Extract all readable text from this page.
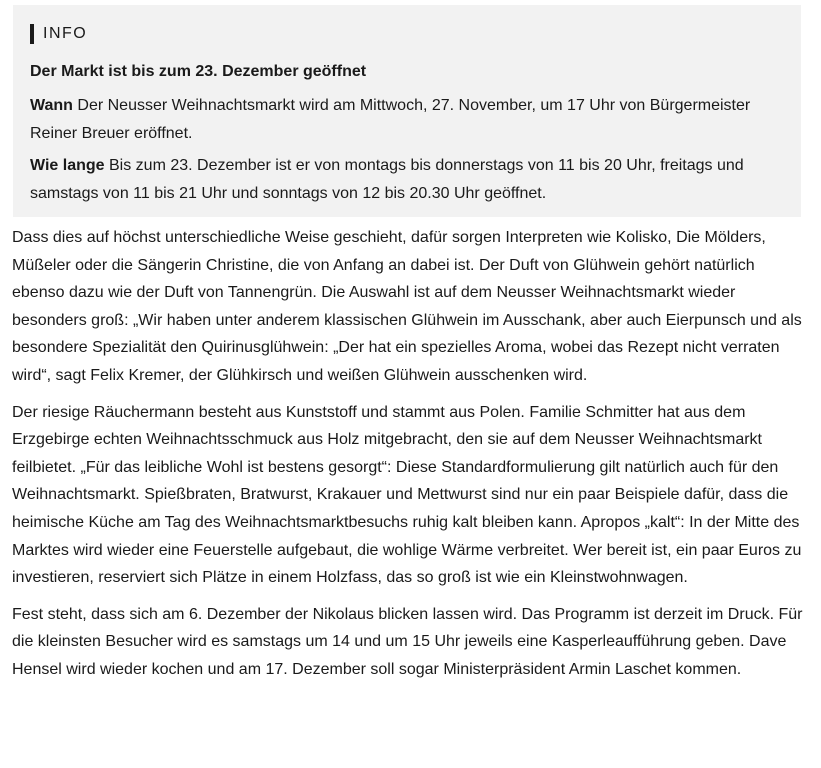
INFO

Der Markt ist bis zum 23. Dezember geöffnet

Wann Der Neusser Weihnachtsmarkt wird am Mittwoch, 27. November, um 17 Uhr von Bürgermeister Reiner Breuer eröffnet.

Wie lange Bis zum 23. Dezember ist er von montags bis donnerstags von 11 bis 20 Uhr, freitags und samstags von 11 bis 21 Uhr und sonntags von 12 bis 20.30 Uhr geöffnet.

Dass dies auf höchst unterschiedliche Weise geschieht, dafür sorgen Interpreten wie Kolisko, Die Mölders, Müßeler oder die Sängerin Christine, die von Anfang an dabei ist. Der Duft von Glühwein gehört natürlich ebenso dazu wie der Duft von Tannengrün. Die Auswahl ist auf dem Neusser Weihnachtsmarkt wieder besonders groß: „Wir haben unter anderem klassischen Glühwein im Ausschank, aber auch Eierpunsch und als besondere Spezialität den Quirinusglühwein: „Der hat ein spezielles Aroma, wobei das Rezept nicht verraten wird“, sagt Felix Kremer, der Glühkirsch und weißen Glühwein ausschenken wird.

Der riesige Räuchermann besteht aus Kunststoff und stammt aus Polen. Familie Schmitter hat aus dem Erzgebirge echten Weihnachtsschmuck aus Holz mitgebracht, den sie auf dem Neusser Weihnachtsmarkt feilbietet. „Für das leibliche Wohl ist bestens gesorgt“: Diese Standardformulierung gilt natürlich auch für den Weihnachtsmarkt. Spießbraten, Bratwurst, Krakauer und Mettwurst sind nur ein paar Beispiele dafür, dass die heimische Küche am Tag des Weihnachtsmarktbesuchs ruhig kalt bleiben kann. Apropos „kalt“: In der Mitte des Marktes wird wieder eine Feuerstelle aufgebaut, die wohlige Wärme verbreitet. Wer bereit ist, ein paar Euros zu investieren, reserviert sich Plätze in einem Holzfass, das so groß ist wie ein Kleinstwohnwagen.

Fest steht, dass sich am 6. Dezember der Nikolaus blicken lassen wird. Das Programm ist derzeit im Druck. Für die kleinsten Besucher wird es samstags um 14 und um 15 Uhr jeweils eine Kasperleaufführung geben. Dave Hensel wird wieder kochen und am 17. Dezember soll sogar Ministerpräsident Armin Laschet kommen.
